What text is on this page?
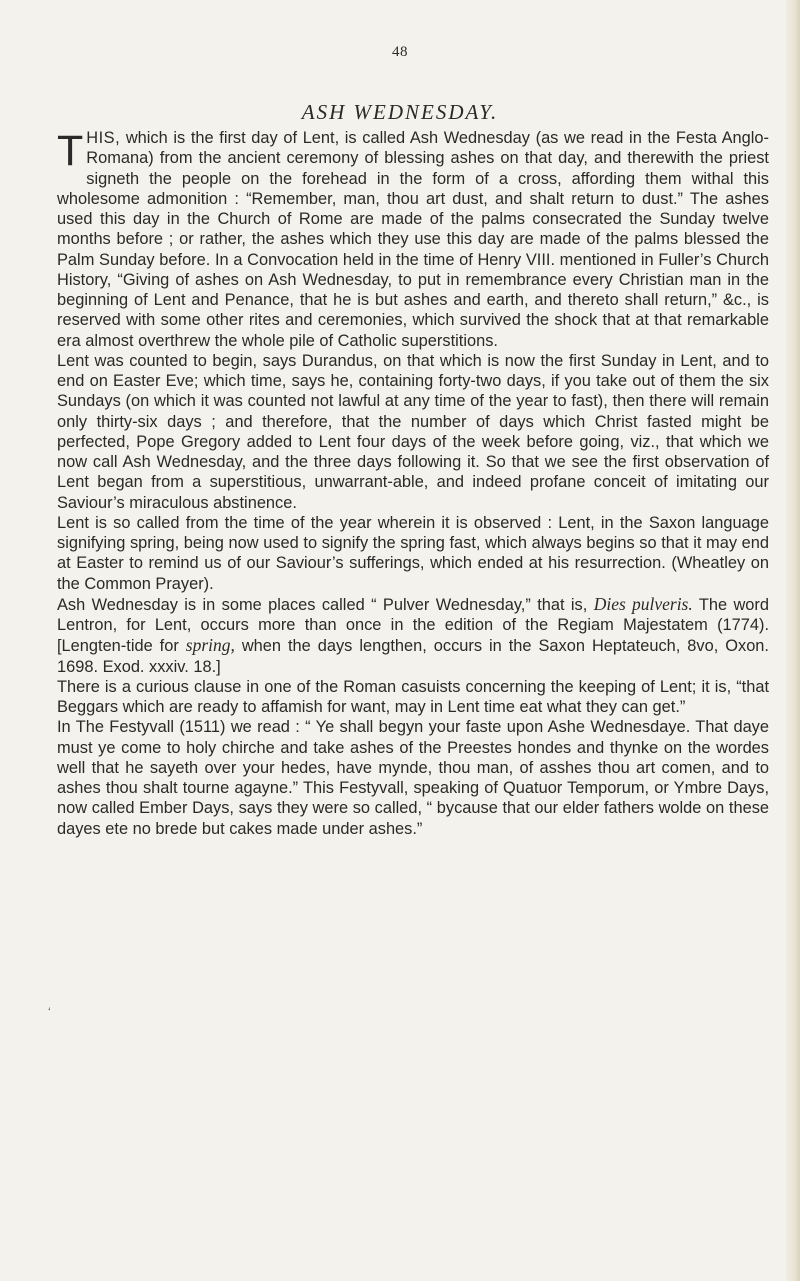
48
ASH WEDNESDAY.
‘

THIS, which is the first day of Lent, is called Ash Wednesday (as we read in the Festa Anglo-Romana) from the ancient ceremony of blessing ashes on that day, and therewith the priest signeth the people on the forehead in the form of a cross, affording them withal this wholesome admonition : “Remember, man, thou art dust, and shalt return to dust.” The ashes used this day in the Church of Rome are made of the palms consecrated the Sunday twelve months before ; or rather, the ashes which they use this day are made of the palms blessed the Palm Sunday before. In a Convocation held in the time of Henry VIII. mentioned in Fuller’s Church History, “Giving of ashes on Ash Wednesday, to put in remembrance every Christian man in the beginning of Lent and Penance, that he is but ashes and earth, and thereto shall return,” &c., is reserved with some other rites and ceremonies, which survived the shock that at that remarkable era almost overthrew the whole pile of Catholic superstitions.

Lent was counted to begin, says Durandus, on that which is now the first Sunday in Lent, and to end on Easter Eve; which time, says he, containing forty-two days, if you take out of them the six Sundays (on which it was counted not lawful at any time of the year to fast), then there will remain only thirty-six days ; and therefore, that the number of days which Christ fasted might be perfected, Pope Gregory added to Lent four days of the week before going, viz., that which we now call Ash Wednesday, and the three days following it. So that we see the first observation of Lent began from a superstitious, unwarrant-able, and indeed profane conceit of imitating our Saviour’s miraculous abstinence.

Lent is so called from the time of the year wherein it is observed : Lent, in the Saxon language signifying spring, being now used to signify the spring fast, which always begins so that it may end at Easter to remind us of our Saviour’s sufferings, which ended at his resurrection. (Wheatley on the Common Prayer).

Ash Wednesday is in some places called “ Pulver Wednesday,” that is, Dies pulveris. The word Lentron, for Lent, occurs more than once in the edition of the Regiam Majestatem (1774). [Lengten-tide for spring, when the days lengthen, occurs in the Saxon Heptateuch, 8vo, Oxon. 1698. Exod. xxxiv. 18.]

There is a curious clause in one of the Roman casuists concerning the keeping of Lent; it is, “that Beggars which are ready to affamish for want, may in Lent time eat what they can get.”

In The Festyvall (1511) we read : “ Ye shall begyn your faste upon Ashe Wednesdaye. That daye must ye come to holy chirche and take ashes of the Preestes hondes and thynke on the wordes well that he sayeth over your hedes, have mynde, thou man, of asshes thou art comen, and to ashes thou shalt tourne agayne.” This Festyvall, speaking of Quatuor Temporum, or Ymbre Days, now called Ember Days, says they were so called, “ bycause that our elder fathers wolde on these dayes ete no brede but cakes made under ashes.”
